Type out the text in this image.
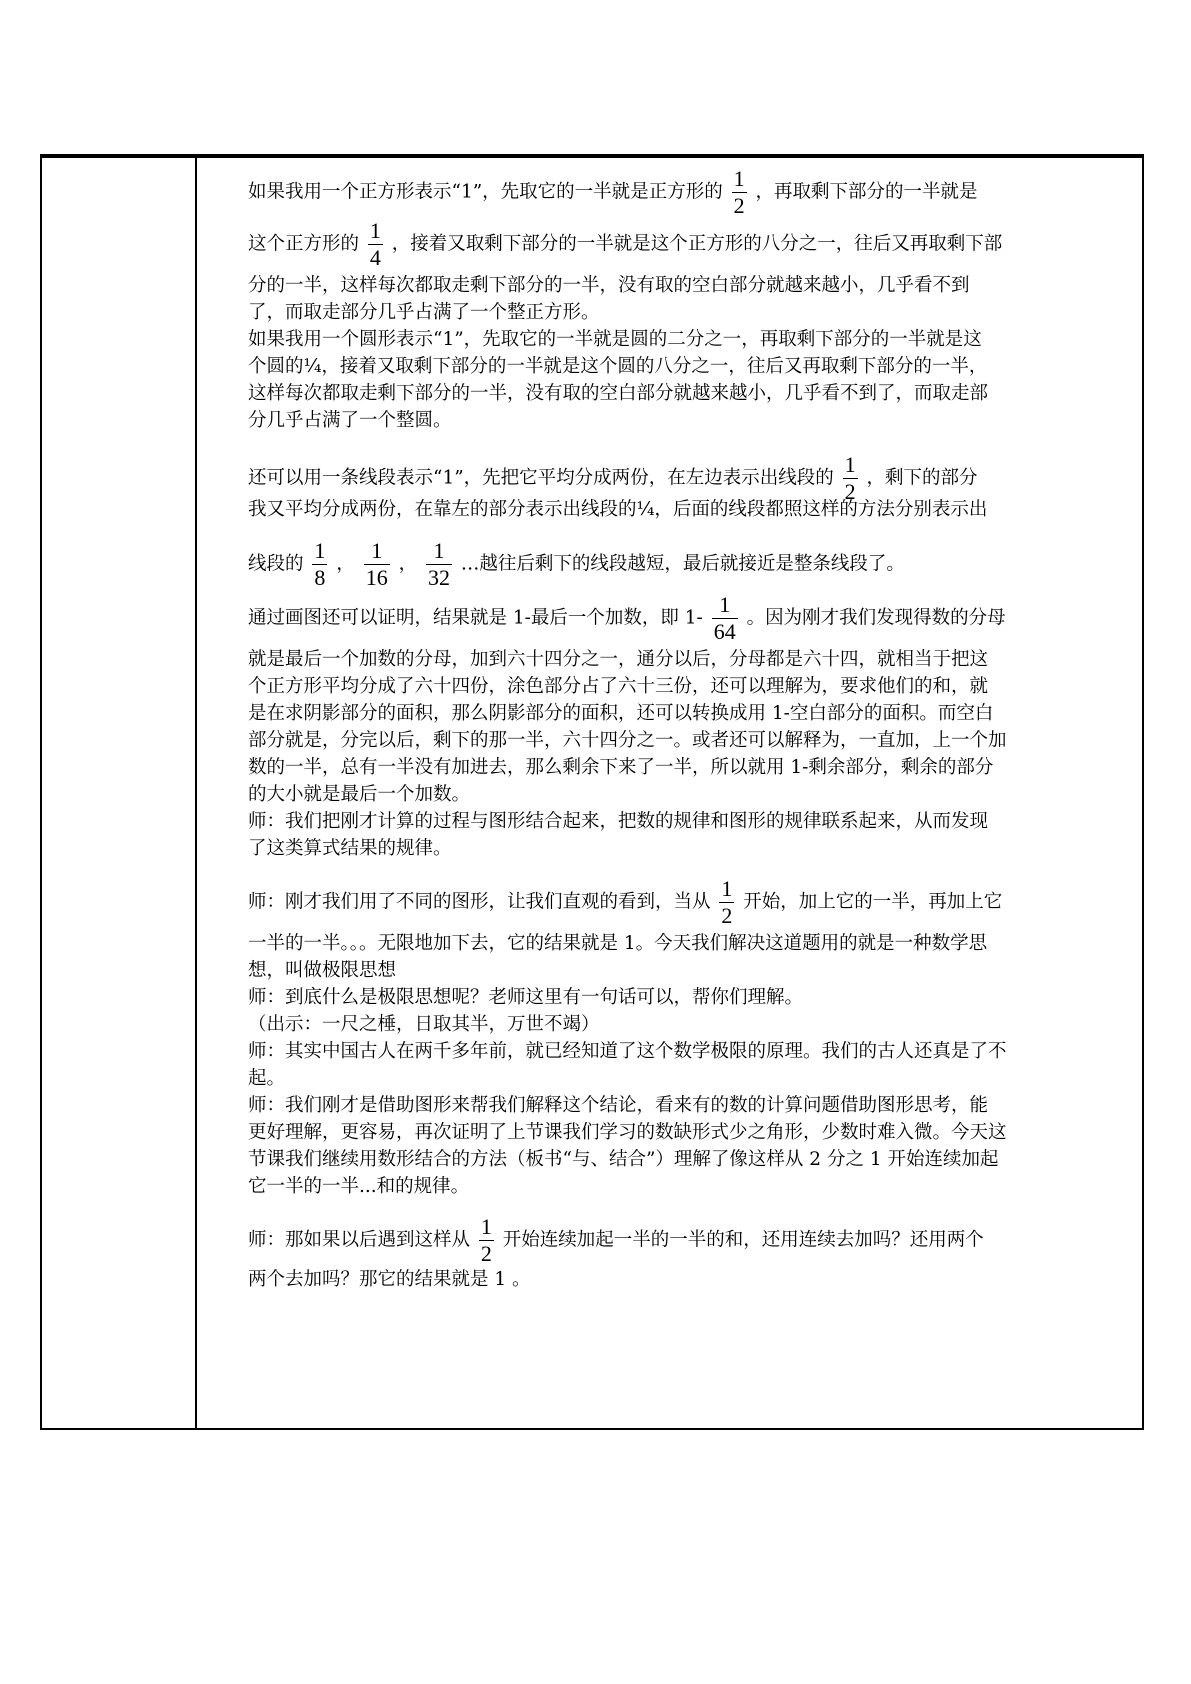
如果我用一个正方形表示“1”，先取它的一半就是正方形的 $\frac{1}{2}$ ，再取剩下部分的一半就是
这个正方形的 $\frac{1}{4}$ ，接着又取剩下部分的一半就是这个正方形的八分之一，往后又再取剩下部
分的一半，这样每次都取走剩下部分的一半，没有取的空白部分就越来越小，几乎看不到
了，而取走部分几乎占满了一个整正方形。
如果我用一个圆形表示“1”，先取它的一半就是圆的二分之一，再取剩下部分的一半就是这
个圆的¼，接着又取剩下部分的一半就是这个圆的八分之一，往后又再取剩下部分的一半，
这样每次都取走剩下部分的一半，没有取的空白部分就越来越小，几乎看不到了，而取走部
分几乎占满了一个整圆。
还可以用一条线段表示“1”，先把它平均分成两份，在左边表示出线段的 $\frac{1}{2}$ ，剩下的部分
我又平均分成两份，在靠左的部分表示出线段的¼，后面的线段都照这样的方法分别表示出
线段的 $\frac{1}{8}$ ， $\frac{1}{16}$ ， $\frac{1}{32}$ …越往后剩下的线段越短，最后就接近是整条线段了。
通过画图还可以证明，结果就是 1-最后一个加数，即 $1- \frac{1}{64}$ 。因为刚才我们发现得数的分母
就是最后一个加数的分母，加到六十四分之一，通分以后，分母都是六十四，就相当于把这
个正方形平均分成了六十四份，涂色部分占了六十三份，还可以理解为，要求他们的和，就
是在求阴影部分的面积，那么阴影部分的面积，还可以转换成用 1-空白部分的面积。而空白
部分就是，分完以后，剩下的那一半，六十四分之一。或者还可以解释为，一直加，上一个加
数的一半，总有一半没有加进去，那么剩余下来了一半，所以就用 1-剩余部分，剩余的部分
的大小就是最后一个加数。
师：我们把刚才计算的过程与图形结合起来，把数的规律和图形的规律联系起来，从而发现
了这类算式结果的规律。
师：刚才我们用了不同的图形，让我们直观的看到，当从 $\frac{1}{2}$ 开始，加上它的一半，再加上它
一半的一半。。。无限地加下去，它的结果就是 1。今天我们解决这道题用的就是一种数学思
想，叫做极限思想
师：到底什么是极限思想呢？老师这里有一句话可以，帮你们理解。
（出示：一尺之棰，日取其半，万世不竭）
师：其实中国古人在两千多年前，就已经知道了这个数学极限的原理。我们的古人还真是了不
起。
师：我们刚才是借助图形来帮我们解释这个结论，看来有的数的计算问题借助图形思考，能
更好理解，更容易，再次证明了上节课我们学习的数缺形式少之角形，少数时难入微。今天这
节课我们继续用数形结合的方法（板书“与、结合”）理解了像这样从 2 分之 1 开始连续加起
它一半的一半...和的规律。
师：那如果以后遇到这样从 $\frac{1}{2}$ 开始连续加起一半的一半的和，还用连续去加吗？还用两个
两个去加吗？那它的结果就是 1 。
